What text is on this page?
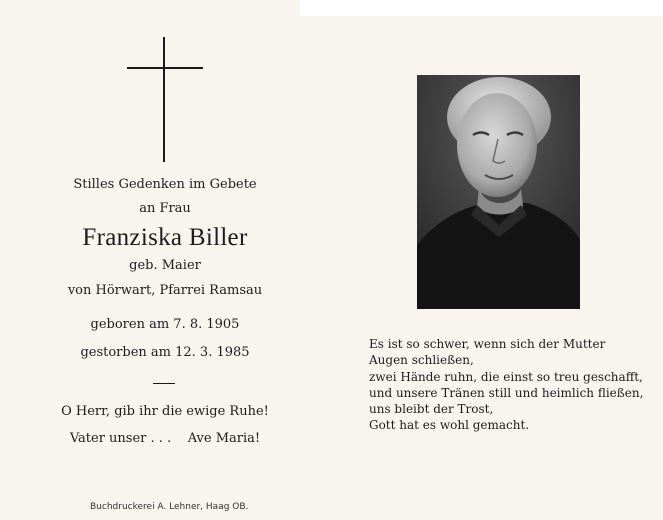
Stilles Gedenken im Gebete

an Frau

Franziska Biller

geb. Maier

von Hörwart, Pfarrei Ramsau

geboren am 7. 8. 1905

gestorben am 12. 3. 1985

O Herr, gib ihr die ewige Ruhe!

Vater unser . . .    Ave Maria!

Buchdruckerei A. Lehner, Haag OB.

Es ist so schwer, wenn sich der Mutter
Augen schließen,
zwei Hände ruhn, die einst so treu geschafft,
und unsere Tränen still und heimlich fließen,
uns bleibt der Trost,
Gott hat es wohl gemacht.
